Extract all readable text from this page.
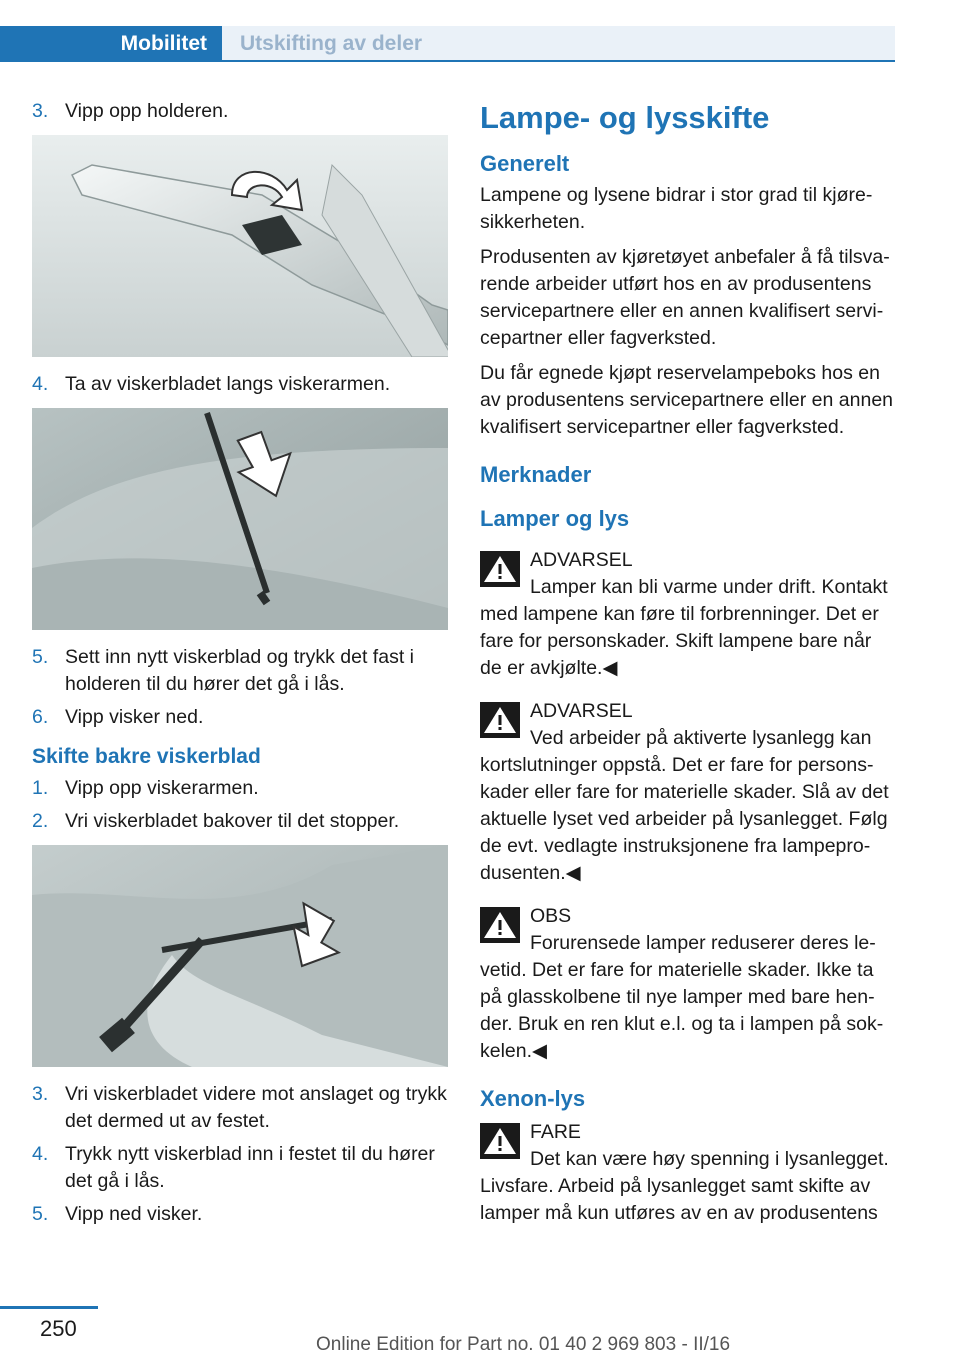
Mobilitet	Utskifting av deler
3. Vipp opp holderen.
4. Ta av viskerbladet langs viskerarmen.
5. Sett inn nytt viskerblad og trykk det fast i holderen til du hører det gå i lås.
6. Vipp visker ned.
Skifte bakre viskerblad
1. Vipp opp viskerarmen.
2. Vri viskerbladet bakover til det stopper.
3. Vri viskerbladet videre mot anslaget og trykk det dermed ut av festet.
4. Trykk nytt viskerblad inn i festet til du hører det gå i lås.
5. Vipp ned visker.
Lampe- og lysskifte
Generelt

Lampene og lysene bidrar i stor grad til kjøresikkerheten.

Produsenten av kjøretøyet anbefaler å få tilsvarende arbeider utført hos en av produsentens servicepartnere eller en annen kvalifisert servicepartner eller fagverksted.

Du får egnede kjøpt reservelampeboks hos en av produsentens servicepartnere eller en annen kvalifisert servicepartner eller fagverksted.

Merknader
Lamper og lys
ADVARSEL
Lamper kan bli varme under drift. Kontakt med lampene kan føre til forbrenninger. Det er fare for personskader. Skift lampene bare når de er avkjølte.◀
ADVARSEL
Ved arbeider på aktiverte lysanlegg kan kortslutninger oppstå. Det er fare for personskader eller fare for materielle skader. Slå av det aktuelle lyset ved arbeider på lysanlegget. Følg de evt. vedlagte instruksjonene fra lampeprodusenten.◀
OBS
Forurensede lamper reduserer deres levetid. Det er fare for materielle skader. Ikke ta på glasskolbene til nye lamper med bare hender. Bruk en ren klut e.l. og ta i lampen på sokkelen.◀
Xenon-lys
FARE
Det kan være høy spenning i lysanlegget. Livsfare. Arbeid på lysanlegget samt skifte av lamper må kun utføres av en av produsentens
250
Online Edition for Part no. 01 40 2 969 803 - II/16
